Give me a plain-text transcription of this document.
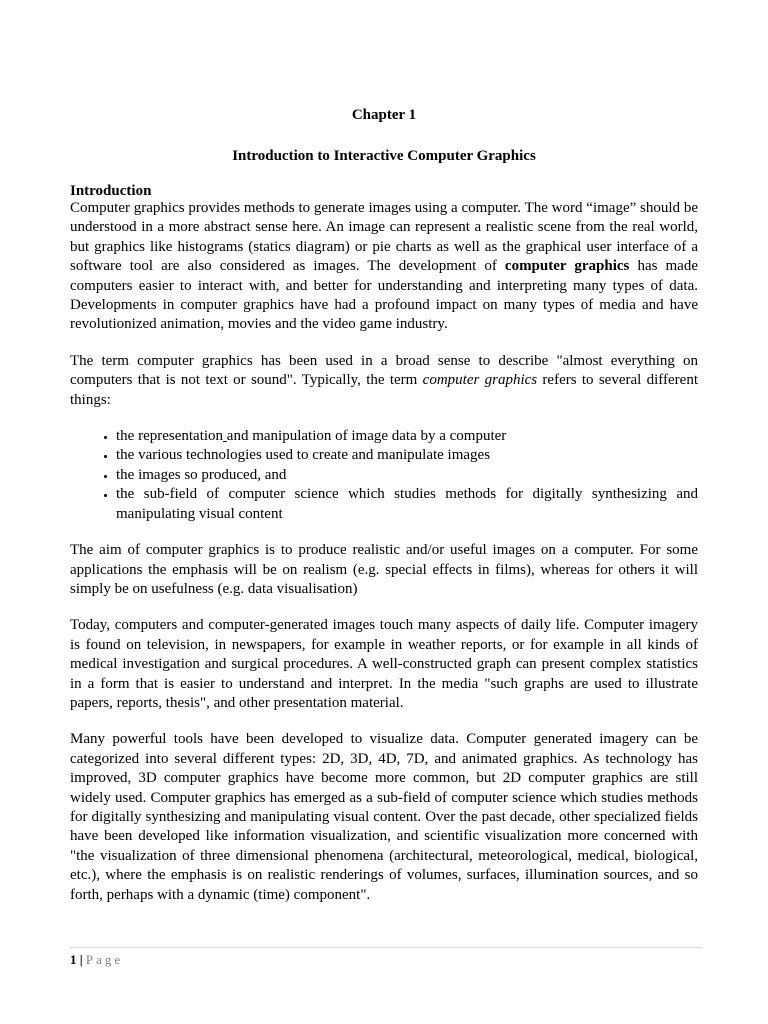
Chapter 1
Introduction to Interactive Computer Graphics
Introduction

Computer graphics provides methods to generate images using a computer. The word “image” should be understood in a more abstract sense here. An image can represent a realistic scene from the real world, but graphics like histograms (statics diagram) or pie charts as well as the graphical user interface of a software tool are also considered as images. The development of computer graphics has made computers easier to interact with, and better for understanding and interpreting many types of data. Developments in computer graphics have had a profound impact on many types of media and have revolutionized animation, movies and the video game industry.

The term computer graphics has been used in a broad sense to describe "almost everything on computers that is not text or sound". Typically, the term computer graphics refers to several different things:

• the representation and manipulation of image data by a computer
• the various technologies used to create and manipulate images
• the images so produced, and
• the sub-field of computer science which studies methods for digitally synthesizing and manipulating visual content

The aim of computer graphics is to produce realistic and/or useful images on a computer. For some applications the emphasis will be on realism (e.g. special effects in films), whereas for others it will simply be on usefulness (e.g. data visualisation)

Today, computers and computer-generated images touch many aspects of daily life. Computer imagery is found on television, in newspapers, for example in weather reports, or for example in all kinds of medical investigation and surgical procedures. A well-constructed graph can present complex statistics in a form that is easier to understand and interpret. In the media "such graphs are used to illustrate papers, reports, thesis", and other presentation material.

Many powerful tools have been developed to visualize data. Computer generated imagery can be categorized into several different types: 2D, 3D, 4D, 7D, and animated graphics. As technology has improved, 3D computer graphics have become more common, but 2D computer graphics are still widely used. Computer graphics has emerged as a sub-field of computer science which studies methods for digitally synthesizing and manipulating visual content. Over the past decade, other specialized fields have been developed like information visualization, and scientific visualization more concerned with "the visualization of three dimensional phenomena (architectural, meteorological, medical, biological, etc.), where the emphasis is on realistic renderings of volumes, surfaces, illumination sources, and so forth, perhaps with a dynamic (time) component".

1 | Page
